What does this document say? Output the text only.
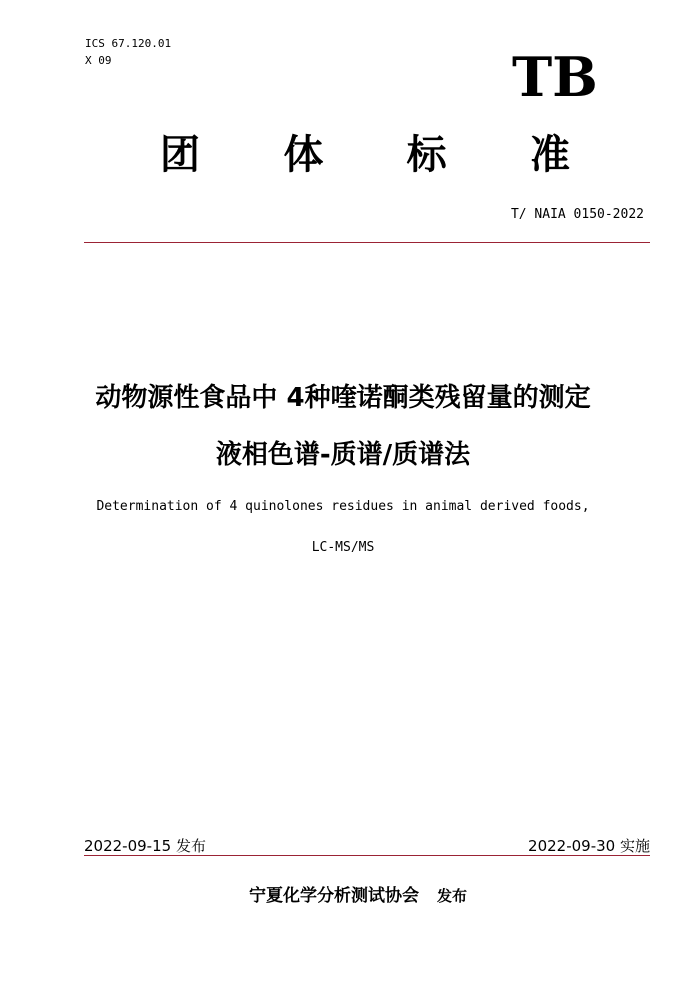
ICS 67.120.01
X 09	TB
团 体 标 准
T/ NAIA 0150-2022
动物源性食品中 4种喹诺酮类残留量的测定
液相色谱-质谱/质谱法
Determination of 4 quinolones residues in animal derived foods,
LC-MS/MS
2022-09-15 发布	2022-09-30 实施
宁夏化学分析测试协会 发布
